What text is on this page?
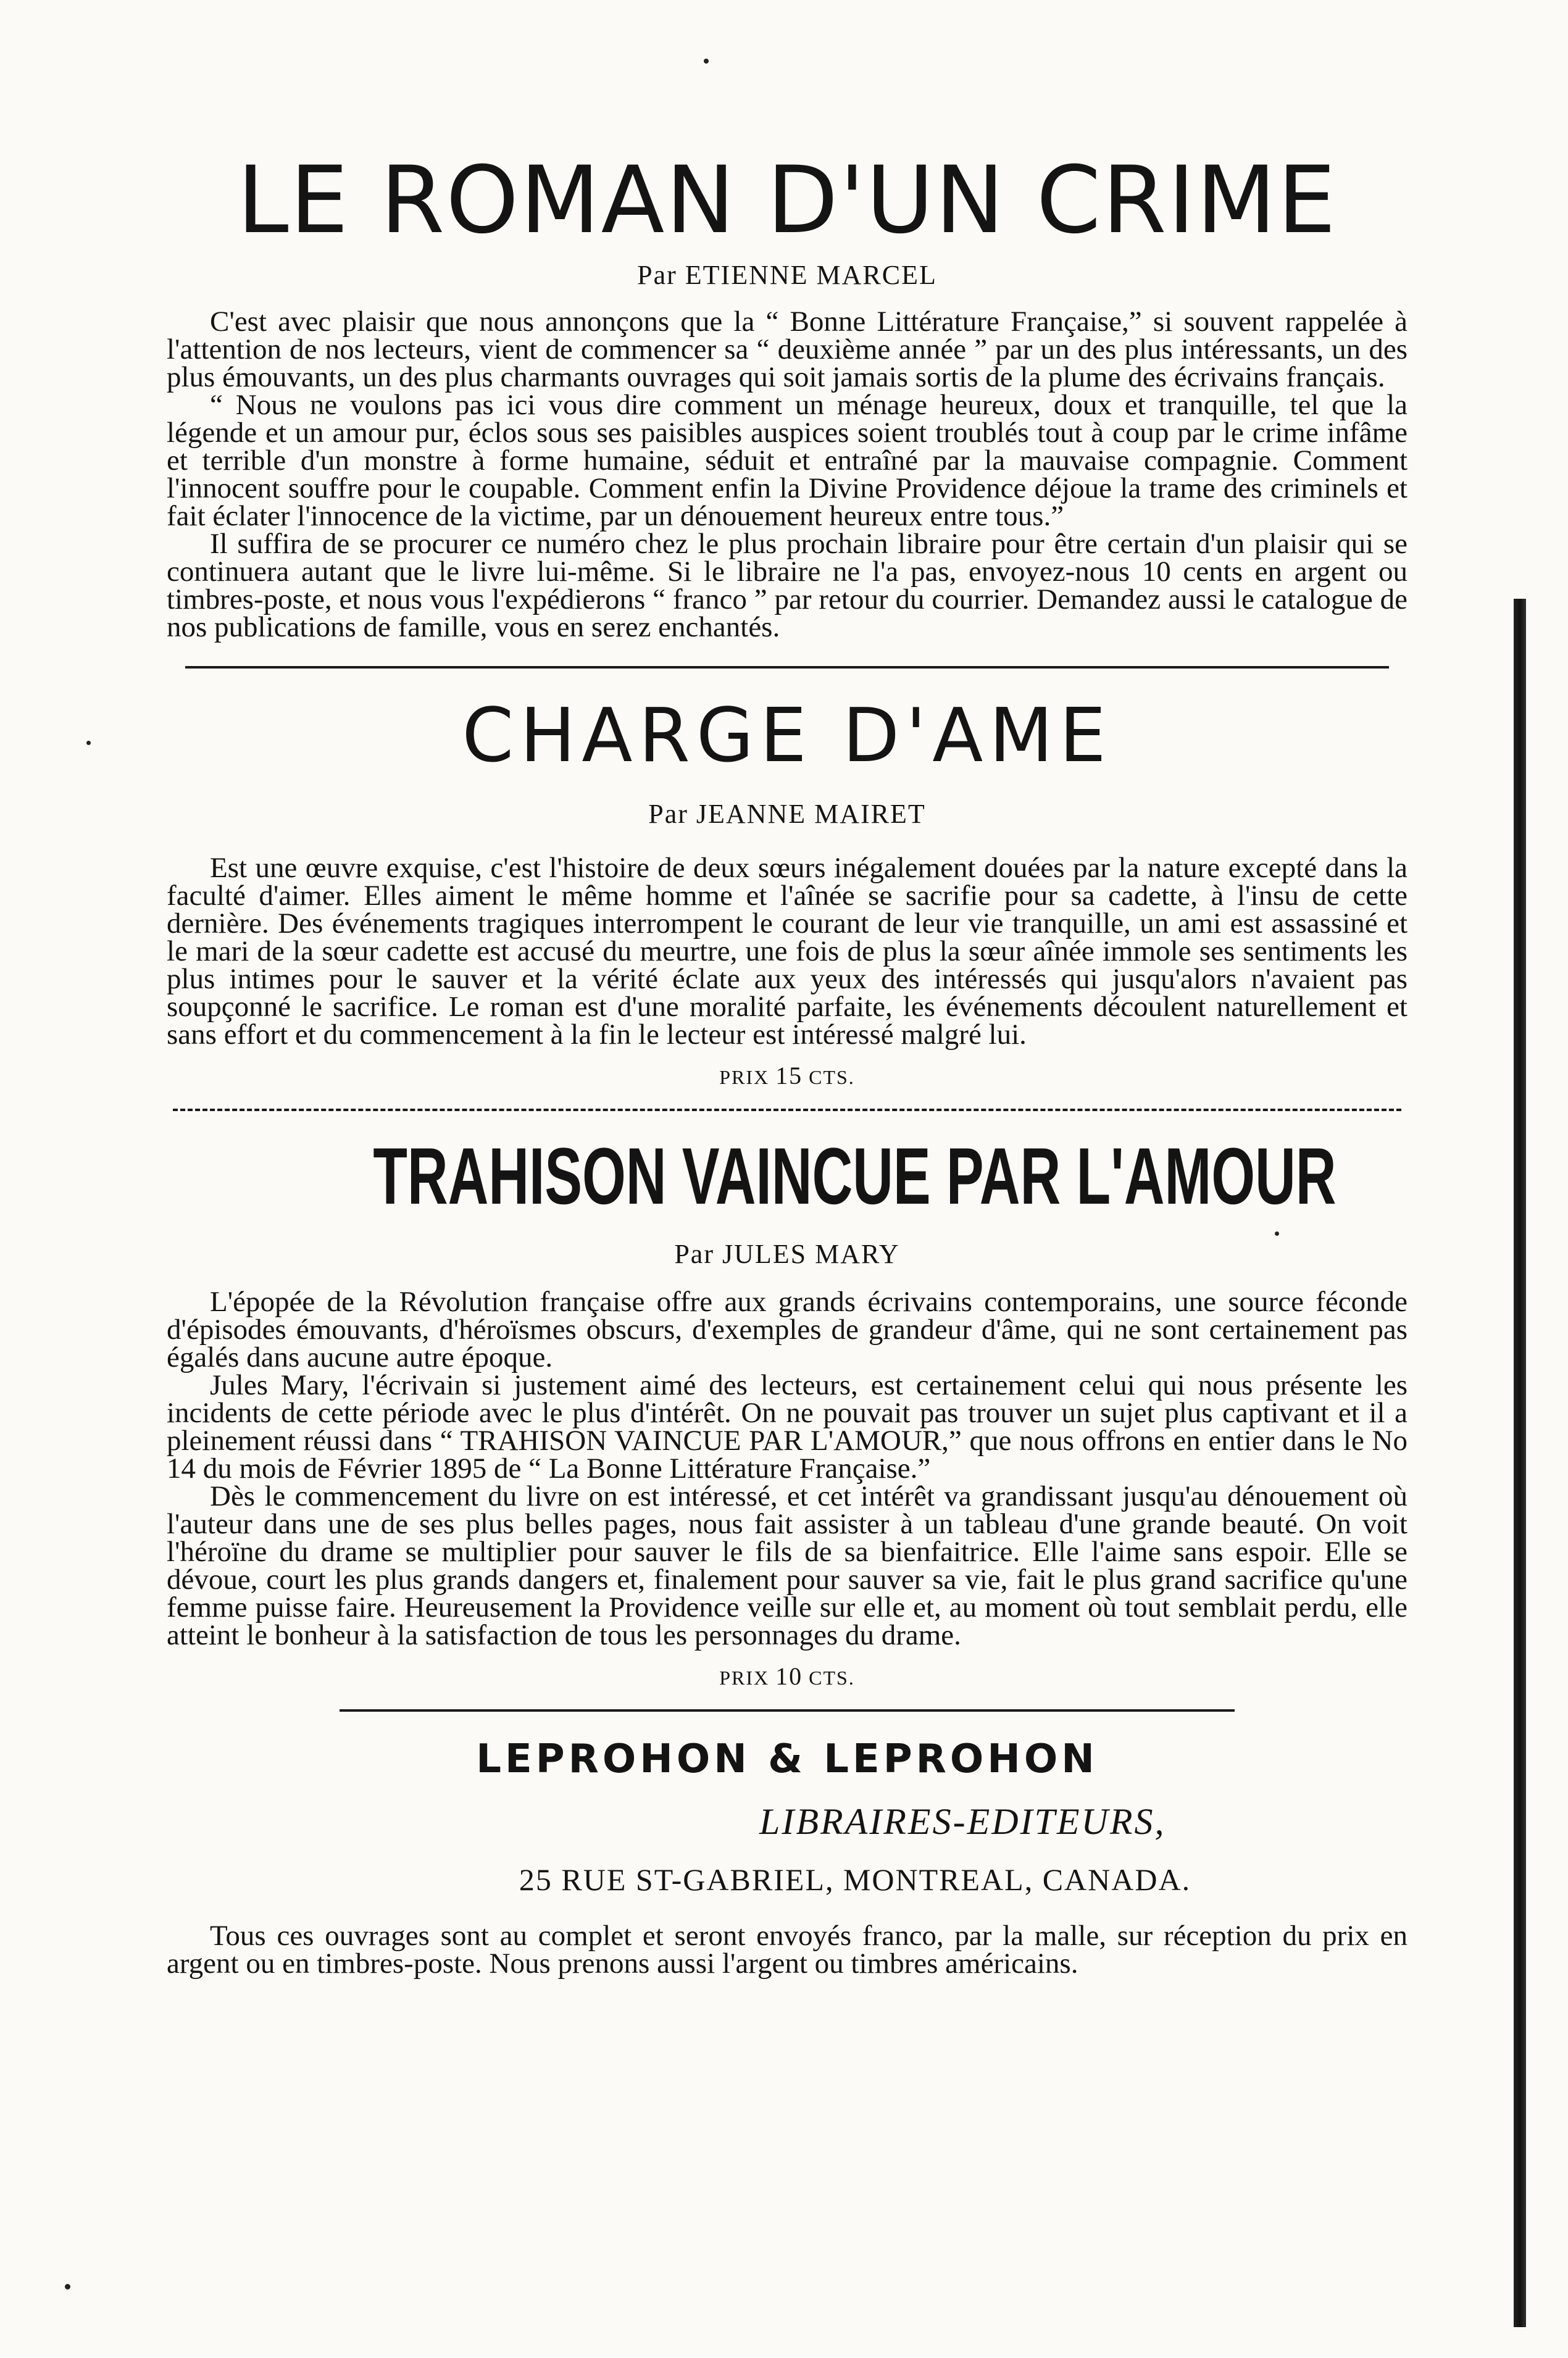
LE ROMAN D'UN CRIME

Par ETIENNE MARCEL

C'est avec plaisir que nous annonçons que la “ Bonne Littérature Française,” si souvent rappelée à l'attention de nos lecteurs, vient de commencer sa “ deuxième année ” par un des plus intéressants, un des plus émouvants, un des plus charmants ouvrages qui soit jamais sortis de la plume des écrivains français.

“ Nous ne voulons pas ici vous dire comment un ménage heureux, doux et tranquille, tel que la légende et un amour pur, éclos sous ses paisibles auspices soient troublés tout à coup par le crime infâme et terrible d'un monstre à forme humaine, séduit et entraîné par la mauvaise compagnie. Comment l'innocent souffre pour le coupable. Comment enfin la Divine Providence déjoue la trame des criminels et fait éclater l'innocence de la victime, par un dénouement heureux entre tous.”

Il suffira de se procurer ce numéro chez le plus prochain libraire pour être certain d'un plaisir qui se continuera autant que le livre lui-même. Si le libraire ne l'a pas, envoyez-nous 10 cents en argent ou timbres-poste, et nous vous l'expédierons “ franco ” par retour du courrier. Demandez aussi le catalogue de nos publications de famille, vous en serez enchantés.

CHARGE D'AME

Par JEANNE MAIRET

Est une œuvre exquise, c'est l'histoire de deux sœurs inégalement douées par la nature excepté dans la faculté d'aimer. Elles aiment le même homme et l'aînée se sacrifie pour sa cadette, à l'insu de cette dernière. Des événements tragiques interrompent le courant de leur vie tranquille, un ami est assassiné et le mari de la sœur cadette est accusé du meurtre, une fois de plus la sœur aînée immole ses sentiments les plus intimes pour le sauver et la vérité éclate aux yeux des intéressés qui jusqu'alors n'avaient pas soupçonné le sacrifice. Le roman est d'une moralité parfaite, les événements découlent naturellement et sans effort et du commencement à la fin le lecteur est intéressé malgré lui.

PRIX 15 CTS.

TRAHISON VAINCUE PAR L'AMOUR

Par JULES MARY

L'épopée de la Révolution française offre aux grands écrivains contemporains, une source féconde d'épisodes émouvants, d'héroïsmes obscurs, d'exemples de grandeur d'âme, qui ne sont certainement pas égalés dans aucune autre époque.

Jules Mary, l'écrivain si justement aimé des lecteurs, est certainement celui qui nous présente les incidents de cette période avec le plus d'intérêt. On ne pouvait pas trouver un sujet plus captivant et il a pleinement réussi dans “ TRAHISON VAINCUE PAR L'AMOUR,” que nous offrons en entier dans le No 14 du mois de Février 1895 de “ La Bonne Littérature Française.”

Dès le commencement du livre on est intéressé, et cet intérêt va grandissant jusqu'au dénouement où l'auteur dans une de ses plus belles pages, nous fait assister à un tableau d'une grande beauté. On voit l'héroïne du drame se multiplier pour sauver le fils de sa bienfaitrice. Elle l'aime sans espoir. Elle se dévoue, court les plus grands dangers et, finalement pour sauver sa vie, fait le plus grand sacrifice qu'une femme puisse faire. Heureusement la Providence veille sur elle et, au moment où tout semblait perdu, elle atteint le bonheur à la satisfaction de tous les personnages du drame.

PRIX 10 CTS.

LEPROHON & LEPROHON

LIBRAIRES-EDITEURS,

25 RUE ST-GABRIEL, MONTREAL, CANADA.

Tous ces ouvrages sont au complet et seront envoyés franco, par la malle, sur réception du prix en argent ou en timbres-poste. Nous prenons aussi l'argent ou timbres américains.
